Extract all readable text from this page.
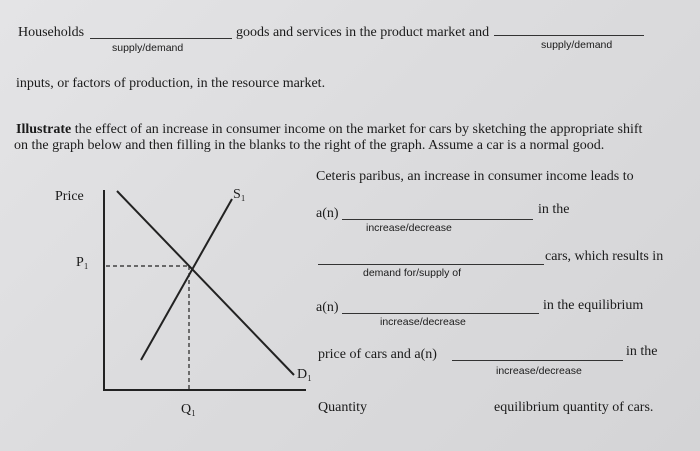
Households
supply/demand
goods and services in the product market and
supply/demand
inputs, or factors of production, in the resource market.
Illustrate the effect of an increase in consumer income on the market for cars by sketching the appropriate shift
on the graph below and then filling in the blanks to the right of the graph. Assume a car is a normal good.
Price
P₁
S₁
D₁
Q₁	Quantity
Ceteris paribus, an increase in consumer income leads to
a(n)	in the
increase/decrease
cars, which results in
demand for/supply of
a(n)	in the equilibrium
increase/decrease
price of cars and a(n)	in the
increase/decrease
equilibrium quantity of cars.
